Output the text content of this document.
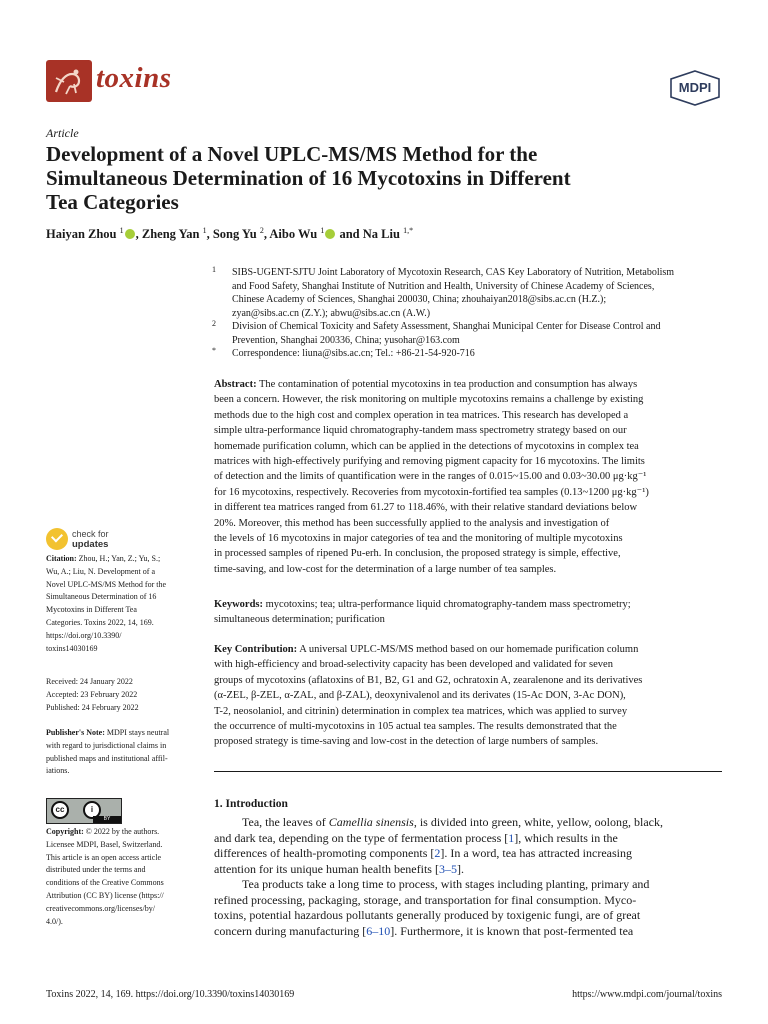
toxins	MDPI
Article
Development of a Novel UPLC-MS/MS Method for the
Simultaneous Determination of 16 Mycotoxins in Different
Tea Categories
Haiyan Zhou $^1$ , Zheng Yan $^1$, Song Yu $^2$, Aibo Wu $^1$ and Na Liu $^{1,*}$
1 SIBS-UGENT-SJTU Joint Laboratory of Mycotoxin Research, CAS Key Laboratory of Nutrition, Metabolism
and Food Safety, Shanghai Institute of Nutrition and Health, University of Chinese Academy of Sciences,
Chinese Academy of Sciences, Shanghai 200030, China; zhouhaiyan2018@sibs.ac.cn (H.Z.);
zyan@sibs.ac.cn (Z.Y.); abwu@sibs.ac.cn (A.W.)
2 Division of Chemical Toxicity and Safety Assessment, Shanghai Municipal Center for Disease Control and
Prevention, Shanghai 200336, China; yusohar@163.com
* Correspondence: liuna@sibs.ac.cn; Tel.: +86-21-54-920-716
Abstract: The contamination of potential mycotoxins in tea production and consumption has always
been a concern. However, the risk monitoring on multiple mycotoxins remains a challenge by existing
methods due to the high cost and complex operation in tea matrices. This research has developed a
simple ultra-performance liquid chromatography-tandem mass spectrometry strategy based on our
homemade purification column, which can be applied in the detections of mycotoxins in complex tea
matrices with high-effectively purifying and removing pigment capacity for 16 mycotoxins. The limits
of detection and the limits of quantification were in the ranges of 0.015~15.00 and 0.03~30.00 μg·kg⁻¹
for 16 mycotoxins, respectively. Recoveries from mycotoxin-fortified tea samples (0.13~1200 μg·kg⁻¹)
in different tea matrices ranged from 61.27 to 118.46%, with their relative standard deviations below
20%. Moreover, this method has been successfully applied to the analysis and investigation of
the levels of 16 mycotoxins in major categories of tea and the monitoring of multiple mycotoxins
in processed samples of ripened Pu-erh. In conclusion, the proposed strategy is simple, effective,
time-saving, and low-cost for the determination of a large number of tea samples.
Keywords: mycotoxins; tea; ultra-performance liquid chromatography-tandem mass spectrometry;
simultaneous determination; purification
Key Contribution: A universal UPLC-MS/MS method based on our homemade purification column
with high-efficiency and broad-selectivity capacity has been developed and validated for seven
groups of mycotoxins (aflatoxins of B1, B2, G1 and G2, ochratoxin A, zearalenone and its derivatives
(α-ZEL, β-ZEL, α-ZAL, and β-ZAL), deoxynivalenol and its derivates (15-Ac DON, 3-Ac DON),
T-2, neosolaniol, and citrinin) determination in complex tea matrices, which was applied to survey
the occurrence of multi-mycotoxins in 105 actual tea samples. The results demonstrated that the
proposed strategy is time-saving and low-cost in the detection of large numbers of samples.
1. Introduction
Tea, the leaves of Camellia sinensis, is divided into green, white, yellow, oolong, black,
and dark tea, depending on the type of fermentation process [1], which results in the
differences of health-promoting components [2]. In a word, tea has attracted increasing
attention for its unique human health benefits [3–5].
Tea products take a long time to process, with stages including planting, primary and
refined processing, packaging, storage, and transportation for final consumption. Myco-
toxins, potential hazardous pollutants generally produced by toxigenic fungi, are of great
concern during manufacturing [6–10]. Furthermore, it is known that post-fermented tea
check for
updates
Citation: Zhou, H.; Yan, Z.; Yu, S.;
Wu, A.; Liu, N. Development of a
Novel UPLC-MS/MS Method for the
Simultaneous Determination of 16
Mycotoxins in Different Tea
Categories. Toxins 2022, 14, 169.
https://doi.org/10.3390/
toxins14030169
Received: 24 January 2022
Accepted: 23 February 2022
Published: 24 February 2022
Publisher's Note: MDPI stays neutral
with regard to jurisdictional claims in
published maps and institutional affil-
iations.
cc	i
BY
Copyright: © 2022 by the authors.
Licensee MDPI, Basel, Switzerland.
This article is an open access article
distributed under the terms and
conditions of the Creative Commons
Attribution (CC BY) license (https://
creativecommons.org/licenses/by/
4.0/).
Toxins 2022, 14, 169. https://doi.org/10.3390/toxins14030169	https://www.mdpi.com/journal/toxins
